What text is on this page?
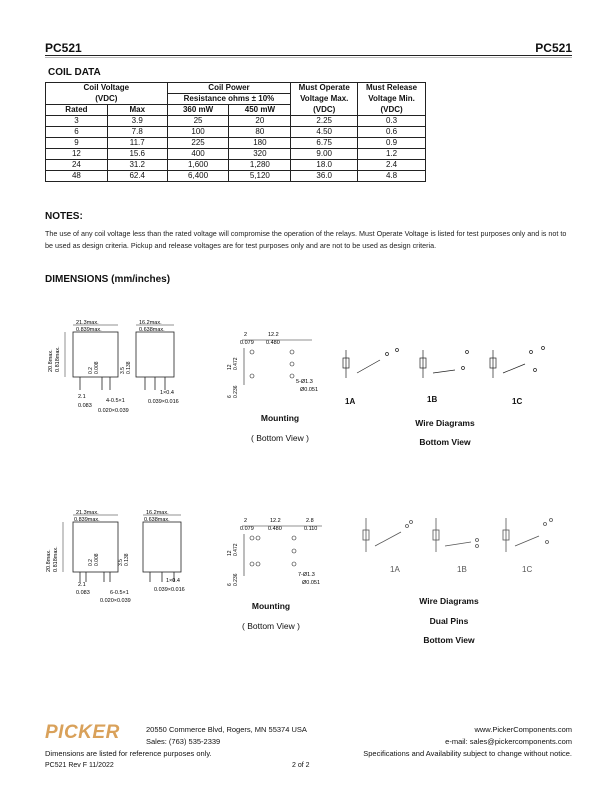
PC521	PC521
COIL DATA
Coil Voltage		Coil Power		Must Operate	Must Release
(VDC)		Resistance ohms ± 10%		Voltage Max.	Voltage Min.
Rated	Max	360 mW	450 mW	(VDC)	(VDC)
3	3.9	25	20	2.25	0.3
6	7.8	100	80	4.50	0.6
9	11.7	225	180	6.75	0.9
12	15.6	400	320	9.00	1.2
24	31.2	1,600	1,280	18.0	2.4
48	62.4	6,400	5,120	36.0	4.8
NOTES:
The use of any coil voltage less than the rated voltage will compromise the operation of the relays. Must Operate Voltage is listed for test purposes only and is not to be used as design criteria. Pickup and release voltages are for test purposes only and are not to be used as design criteria.
DIMENSIONS (mm/inches)
21.3max.
0.839max.
16.2max.
0.638max.
20.8max. 0.818max.	0.2 0.008	3.5 0.138
2.1
0.083
4-0.5×1
0.020×0.039
1×0.4
0.039×0.016
2
0.079
12.2
0.480
12 0.472
6 0.236
5-Ø1.3
Ø0.051
Mounting
( Bottom View )
1A	1B	1C
Wire Diagrams
Bottom View
21.3max.
0.839max.
16.2max.
0.638max.
20.8max. 0.818max.	0.2 0.008	3.5 0.138
2.1
0.083	6-0.5×1
0.020×0.039
1×0.4
0.039×0.016
2
0.079
12.2
0.480
2.8
0.110
12 0.472
6 0.236	7-Ø1.3
Ø0.051
Mounting
( Bottom View )
1A	1B	1C
Wire Diagrams
Dual Pins
Bottom View
PICKER	20550 Commerce Blvd, Rogers, MN 55374 USA
Sales: (763) 535-2339
www.PickerComponents.com
e-mail: sales@pickercomponents.com
Dimensions are listed for reference purposes only.	Specifications and Availability subject to change without notice.
PC521 Rev F 11/2022	2 of 2
